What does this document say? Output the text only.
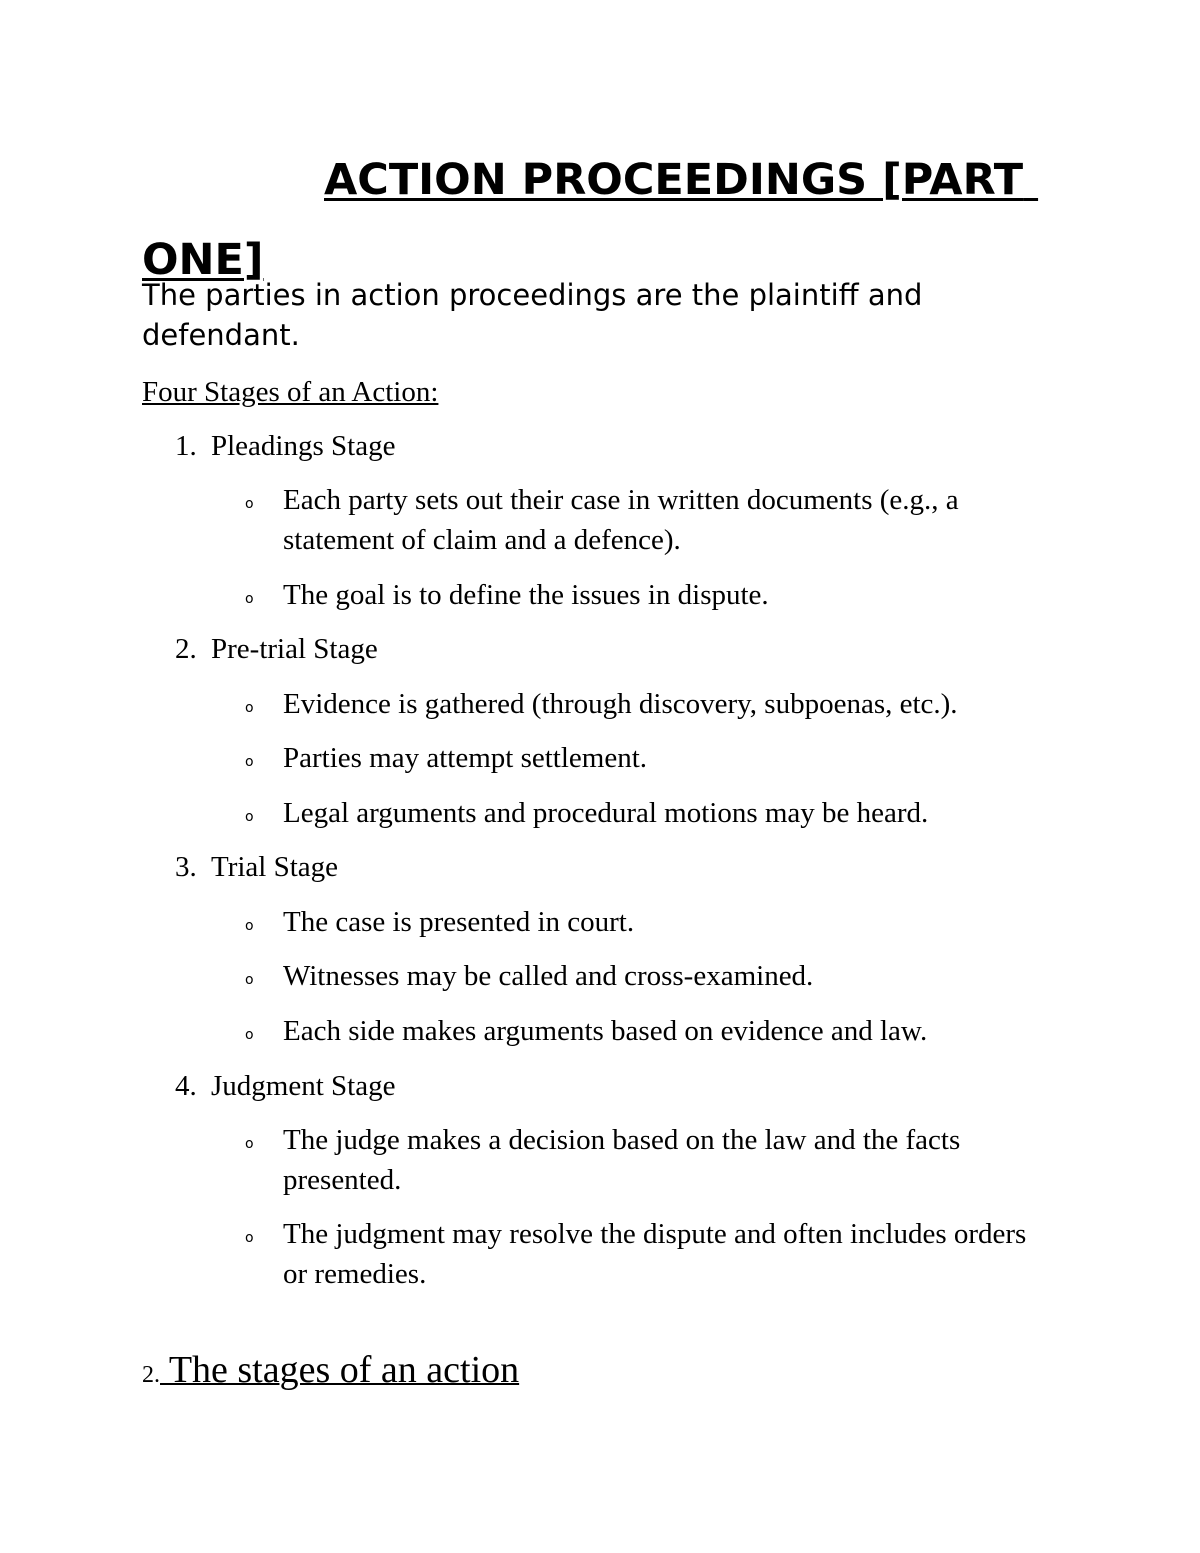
ACTION PROCEEDINGS [PART ONE]

The parties in action proceedings are the plaintiff and defendant.

Four Stages of an Action:

1. Pleadings Stage

o Each party sets out their case in written documents (e.g., a statement of claim and a defence).
o The goal is to define the issues in dispute.

2. Pre-trial Stage

o Evidence is gathered (through discovery, subpoenas, etc.).
o Parties may attempt settlement.
o Legal arguments and procedural motions may be heard.

3. Trial Stage

o The case is presented in court.
o Witnesses may be called and cross-examined.
o Each side makes arguments based on evidence and law.

4. Judgment Stage

o The judge makes a decision based on the law and the facts presented.
o The judgment may resolve the dispute and often includes orders or remedies.

2. The stages of an action
